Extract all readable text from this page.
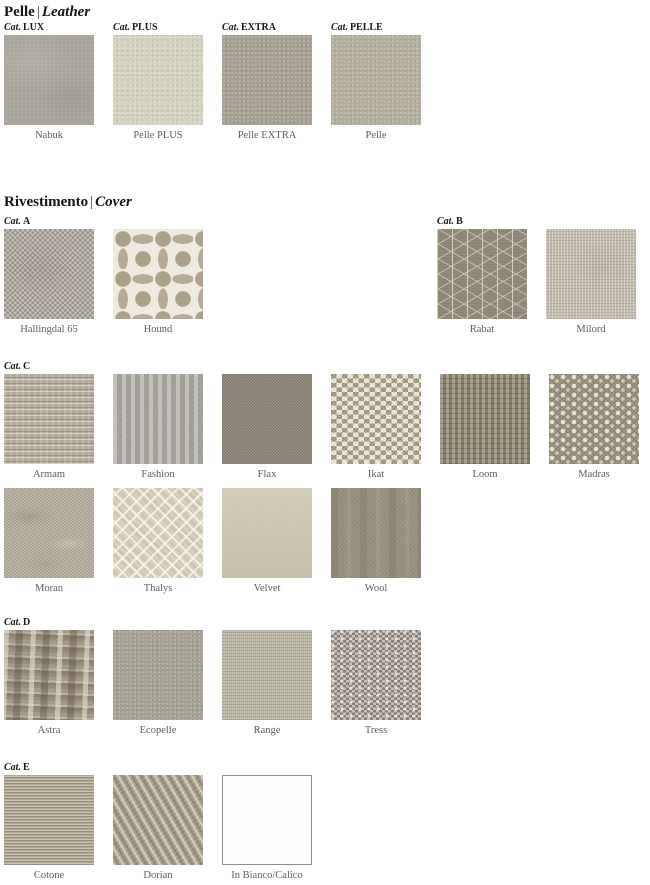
Pelle | Leather
Cat. LUX
Nabuk
Cat. PLUS
Pelle PLUS
Cat. EXTRA
Pelle EXTRA
Cat. PELLE
Pelle
Rivestimento | Cover
Cat. A
Hallingdal 65	Hound
Cat. B
Rabat	Milord
Cat. C
Armam	Fashion	Flax	Ikat	Loom	Madras
Moran	Thalys	Velvet	Wool
Cat. D
Astra	Ecopelle	Range	Tress
Cat. E
Cotone	Dorian	In Bianco/Calico
